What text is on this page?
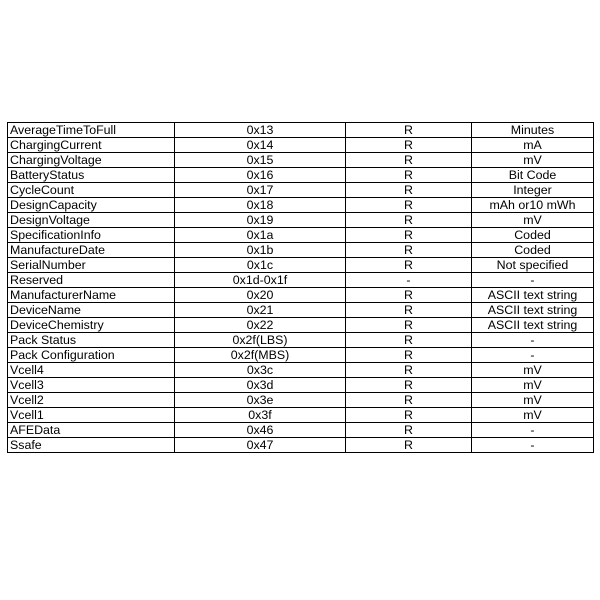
AverageTimeToFull	0x13	R	Minutes
ChargingCurrent	0x14	R	mA
ChargingVoltage	0x15	R	mV
BatteryStatus	0x16	R	Bit Code
CycleCount	0x17	R	Integer
DesignCapacity	0x18	R	mAh or10 mWh
DesignVoltage	0x19	R	mV
SpecificationInfo	0x1a	R	Coded
ManufactureDate	0x1b	R	Coded
SerialNumber	0x1c	R	Not specified
Reserved	0x1d-0x1f	-	-
ManufacturerName	0x20	R	ASCII text string
DeviceName	0x21	R	ASCII text string
DeviceChemistry	0x22	R	ASCII text string
Pack Status	0x2f(LBS)	R	-
Pack Configuration	0x2f(MBS)	R	-
Vcell4	0x3c	R	mV
Vcell3	0x3d	R	mV
Vcell2	0x3e	R	mV
Vcell1	0x3f	R	mV
AFEData	0x46	R	-
Ssafe	0x47	R	-
